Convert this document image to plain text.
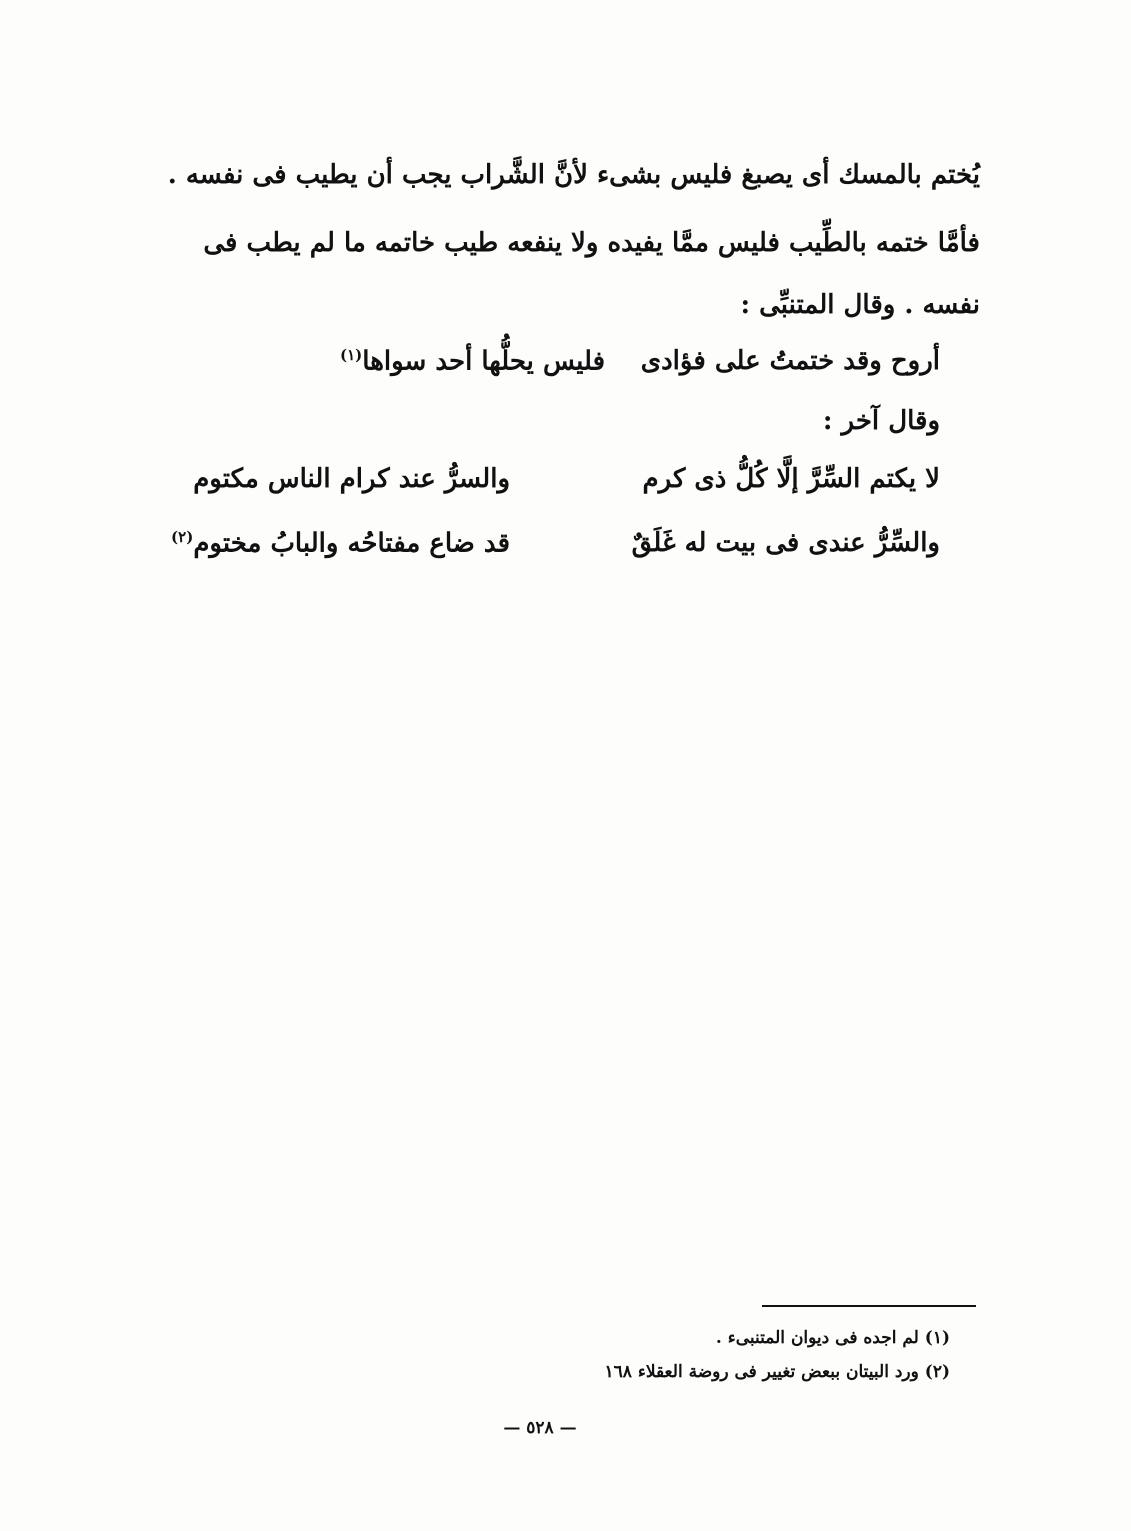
يُختم بالمسك أى يصبغ فليس بشىء لأنَّ الشَّراب يجب أن يطيب فى نفسه .
فأمَّا ختمه بالطِّيب فليس ممَّا يفيده ولا ينفعه طيب خاتمه ما لم يطب فى
نفسه . وقال المتنبِّى :
أروح وقد ختمتُ على فؤادى
فليس يحلُّها أحد سواها$^{(١)}$
وقال آخر :
لا يكتم السِّرَّ إلَّا كُلُّ ذى كرم
والسرُّ عند كرام الناس مكتوم
والسِّرُّ عندى فى بيت له غَلَقٌ
قد ضاع مفتاحُه والبابُ مختوم$^{(٢)}$
(١) لم اجده فى ديوان المتنبىء .
(٢) ورد البيتان ببعض تغيير فى روضة العقلاء ١٦٨
— ٥٢٨ —
